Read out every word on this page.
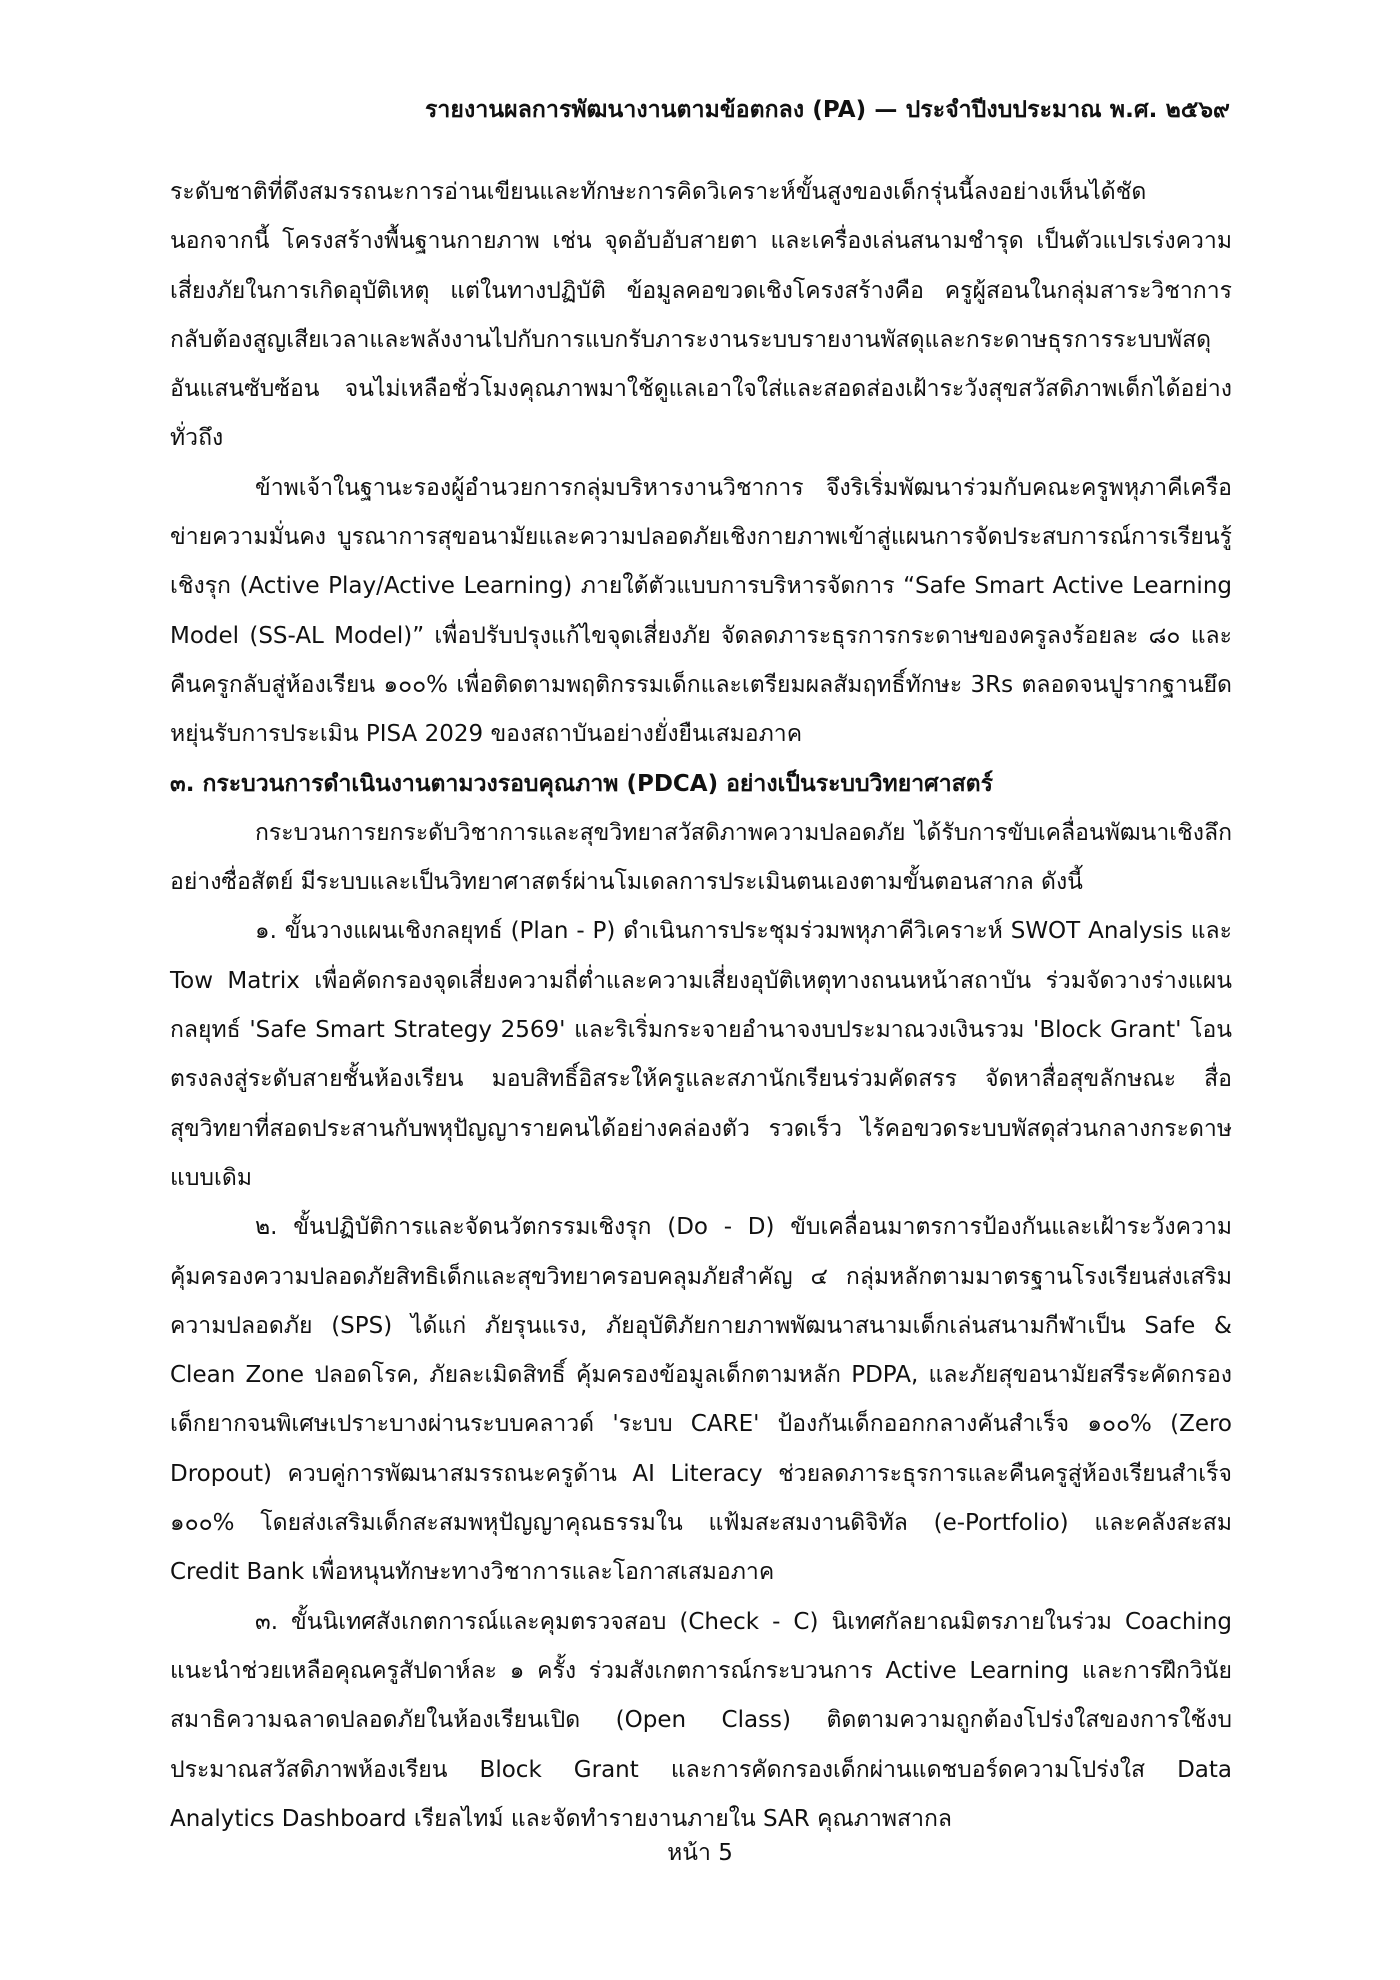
รายงานผลการพัฒนางานตามข้อตกลง (PA) — ประจำปีงบประมาณ พ.ศ. ๒๕๖๙

ระดับชาติที่ดึงสมรรถนะการอ่านเขียนและทักษะการคิดวิเคราะห์ขั้นสูงของเด็กรุ่นนี้ลงอย่างเห็นได้ชัด นอกจากนี้ โครงสร้างพื้นฐานกายภาพ เช่น จุดอับอับสายตา และเครื่องเล่นสนามชำรุด เป็นตัวแปรเร่งความเสี่ยงภัยในการเกิดอุบัติเหตุ แต่ในทางปฏิบัติ ข้อมูลคอขวดเชิงโครงสร้างคือ ครูผู้สอนในกลุ่มสาระวิชาการกลับต้องสูญเสียเวลาและพลังงานไปกับการแบกรับภาระงานระบบรายงานพัสดุและกระดาษธุรการระบบพัสดุอันแสนซับซ้อน จนไม่เหลือชั่วโมงคุณภาพมาใช้ดูแลเอาใจใส่และสอดส่องเฝ้าระวังสุขสวัสดิภาพเด็กได้อย่างทั่วถึง

ข้าพเจ้าในฐานะรองผู้อำนวยการกลุ่มบริหารงานวิชาการ จึงริเริ่มพัฒนาร่วมกับคณะครูพหุภาคีเครือข่ายความมั่นคง บูรณาการสุขอนามัยและความปลอดภัยเชิงกายภาพเข้าสู่แผนการจัดประสบการณ์การเรียนรู้เชิงรุก (Active Play/Active Learning) ภายใต้ตัวแบบการบริหารจัดการ “Safe Smart Active Learning Model (SS-AL Model)” เพื่อปรับปรุงแก้ไขจุดเสี่ยงภัย จัดลดภาระธุรการกระดาษของครูลงร้อยละ ๘๐ และคืนครูกลับสู่ห้องเรียน ๑๐๐% เพื่อติดตามพฤติกรรมเด็กและเตรียมผลสัมฤทธิ์ทักษะ 3Rs ตลอดจนปูรากฐานยึดหยุ่นรับการประเมิน PISA 2029 ของสถาบันอย่างยั่งยืนเสมอภาค

๓. กระบวนการดำเนินงานตามวงรอบคุณภาพ (PDCA) อย่างเป็นระบบวิทยาศาสตร์

กระบวนการยกระดับวิชาการและสุขวิทยาสวัสดิภาพความปลอดภัย ได้รับการขับเคลื่อนพัฒนาเชิงลึกอย่างซื่อสัตย์ มีระบบและเป็นวิทยาศาสตร์ผ่านโมเดลการประเมินตนเองตามขั้นตอนสากล ดังนี้

๑. ขั้นวางแผนเชิงกลยุทธ์ (Plan - P) ดำเนินการประชุมร่วมพหุภาคีวิเคราะห์ SWOT Analysis และ Tow Matrix เพื่อคัดกรองจุดเสี่ยงความถี่ต่ำและความเสี่ยงอุบัติเหตุทางถนนหน้าสถาบัน ร่วมจัดวางร่างแผนกลยุทธ์ 'Safe Smart Strategy 2569' และริเริ่มกระจายอำนาจงบประมาณวงเงินรวม 'Block Grant' โอนตรงลงสู่ระดับสายชั้นห้องเรียน มอบสิทธิ์อิสระให้ครูและสภานักเรียนร่วมคัดสรร จัดหาสื่อสุขลักษณะ สื่อสุขวิทยาที่สอดประสานกับพหุปัญญารายคนได้อย่างคล่องตัว รวดเร็ว ไร้คอขวดระบบพัสดุส่วนกลางกระดาษแบบเดิม

๒. ขั้นปฏิบัติการและจัดนวัตกรรมเชิงรุก (Do - D) ขับเคลื่อนมาตรการป้องกันและเฝ้าระวังความคุ้มครองความปลอดภัยสิทธิเด็กและสุขวิทยาครอบคลุมภัยสำคัญ ๔ กลุ่มหลักตามมาตรฐานโรงเรียนส่งเสริมความปลอดภัย (SPS) ได้แก่ ภัยรุนแรง, ภัยอุบัติภัยกายภาพพัฒนาสนามเด็กเล่นสนามกีฬาเป็น Safe & Clean Zone ปลอดโรค, ภัยละเมิดสิทธิ์ คุ้มครองข้อมูลเด็กตามหลัก PDPA, และภัยสุขอนามัยสรีระคัดกรองเด็กยากจนพิเศษเปราะบางผ่านระบบคลาวด์ 'ระบบ CARE' ป้องกันเด็กออกกลางคันสำเร็จ ๑๐๐% (Zero Dropout) ควบคู่การพัฒนาสมรรถนะครูด้าน AI Literacy ช่วยลดภาระธุรการและคืนครูสู่ห้องเรียนสำเร็จ ๑๐๐% โดยส่งเสริมเด็กสะสมพหุปัญญาคุณธรรมใน แฟ้มสะสมงานดิจิทัล (e-Portfolio) และคลังสะสม Credit Bank เพื่อหนุนทักษะทางวิชาการและโอกาสเสมอภาค

๓. ขั้นนิเทศสังเกตการณ์และคุมตรวจสอบ (Check - C) นิเทศกัลยาณมิตรภายในร่วม Coaching แนะนำช่วยเหลือคุณครูสัปดาห์ละ ๑ ครั้ง ร่วมสังเกตการณ์กระบวนการ Active Learning และการฝึกวินัยสมาธิความฉลาดปลอดภัยในห้องเรียนเปิด (Open Class) ติดตามความถูกต้องโปร่งใสของการใช้งบประมาณสวัสดิภาพห้องเรียน Block Grant และการคัดกรองเด็กผ่านแดชบอร์ดความโปร่งใส Data Analytics Dashboard เรียลไทม์ และจัดทำรายงานภายใน SAR คุณภาพสากล

หน้า 5
